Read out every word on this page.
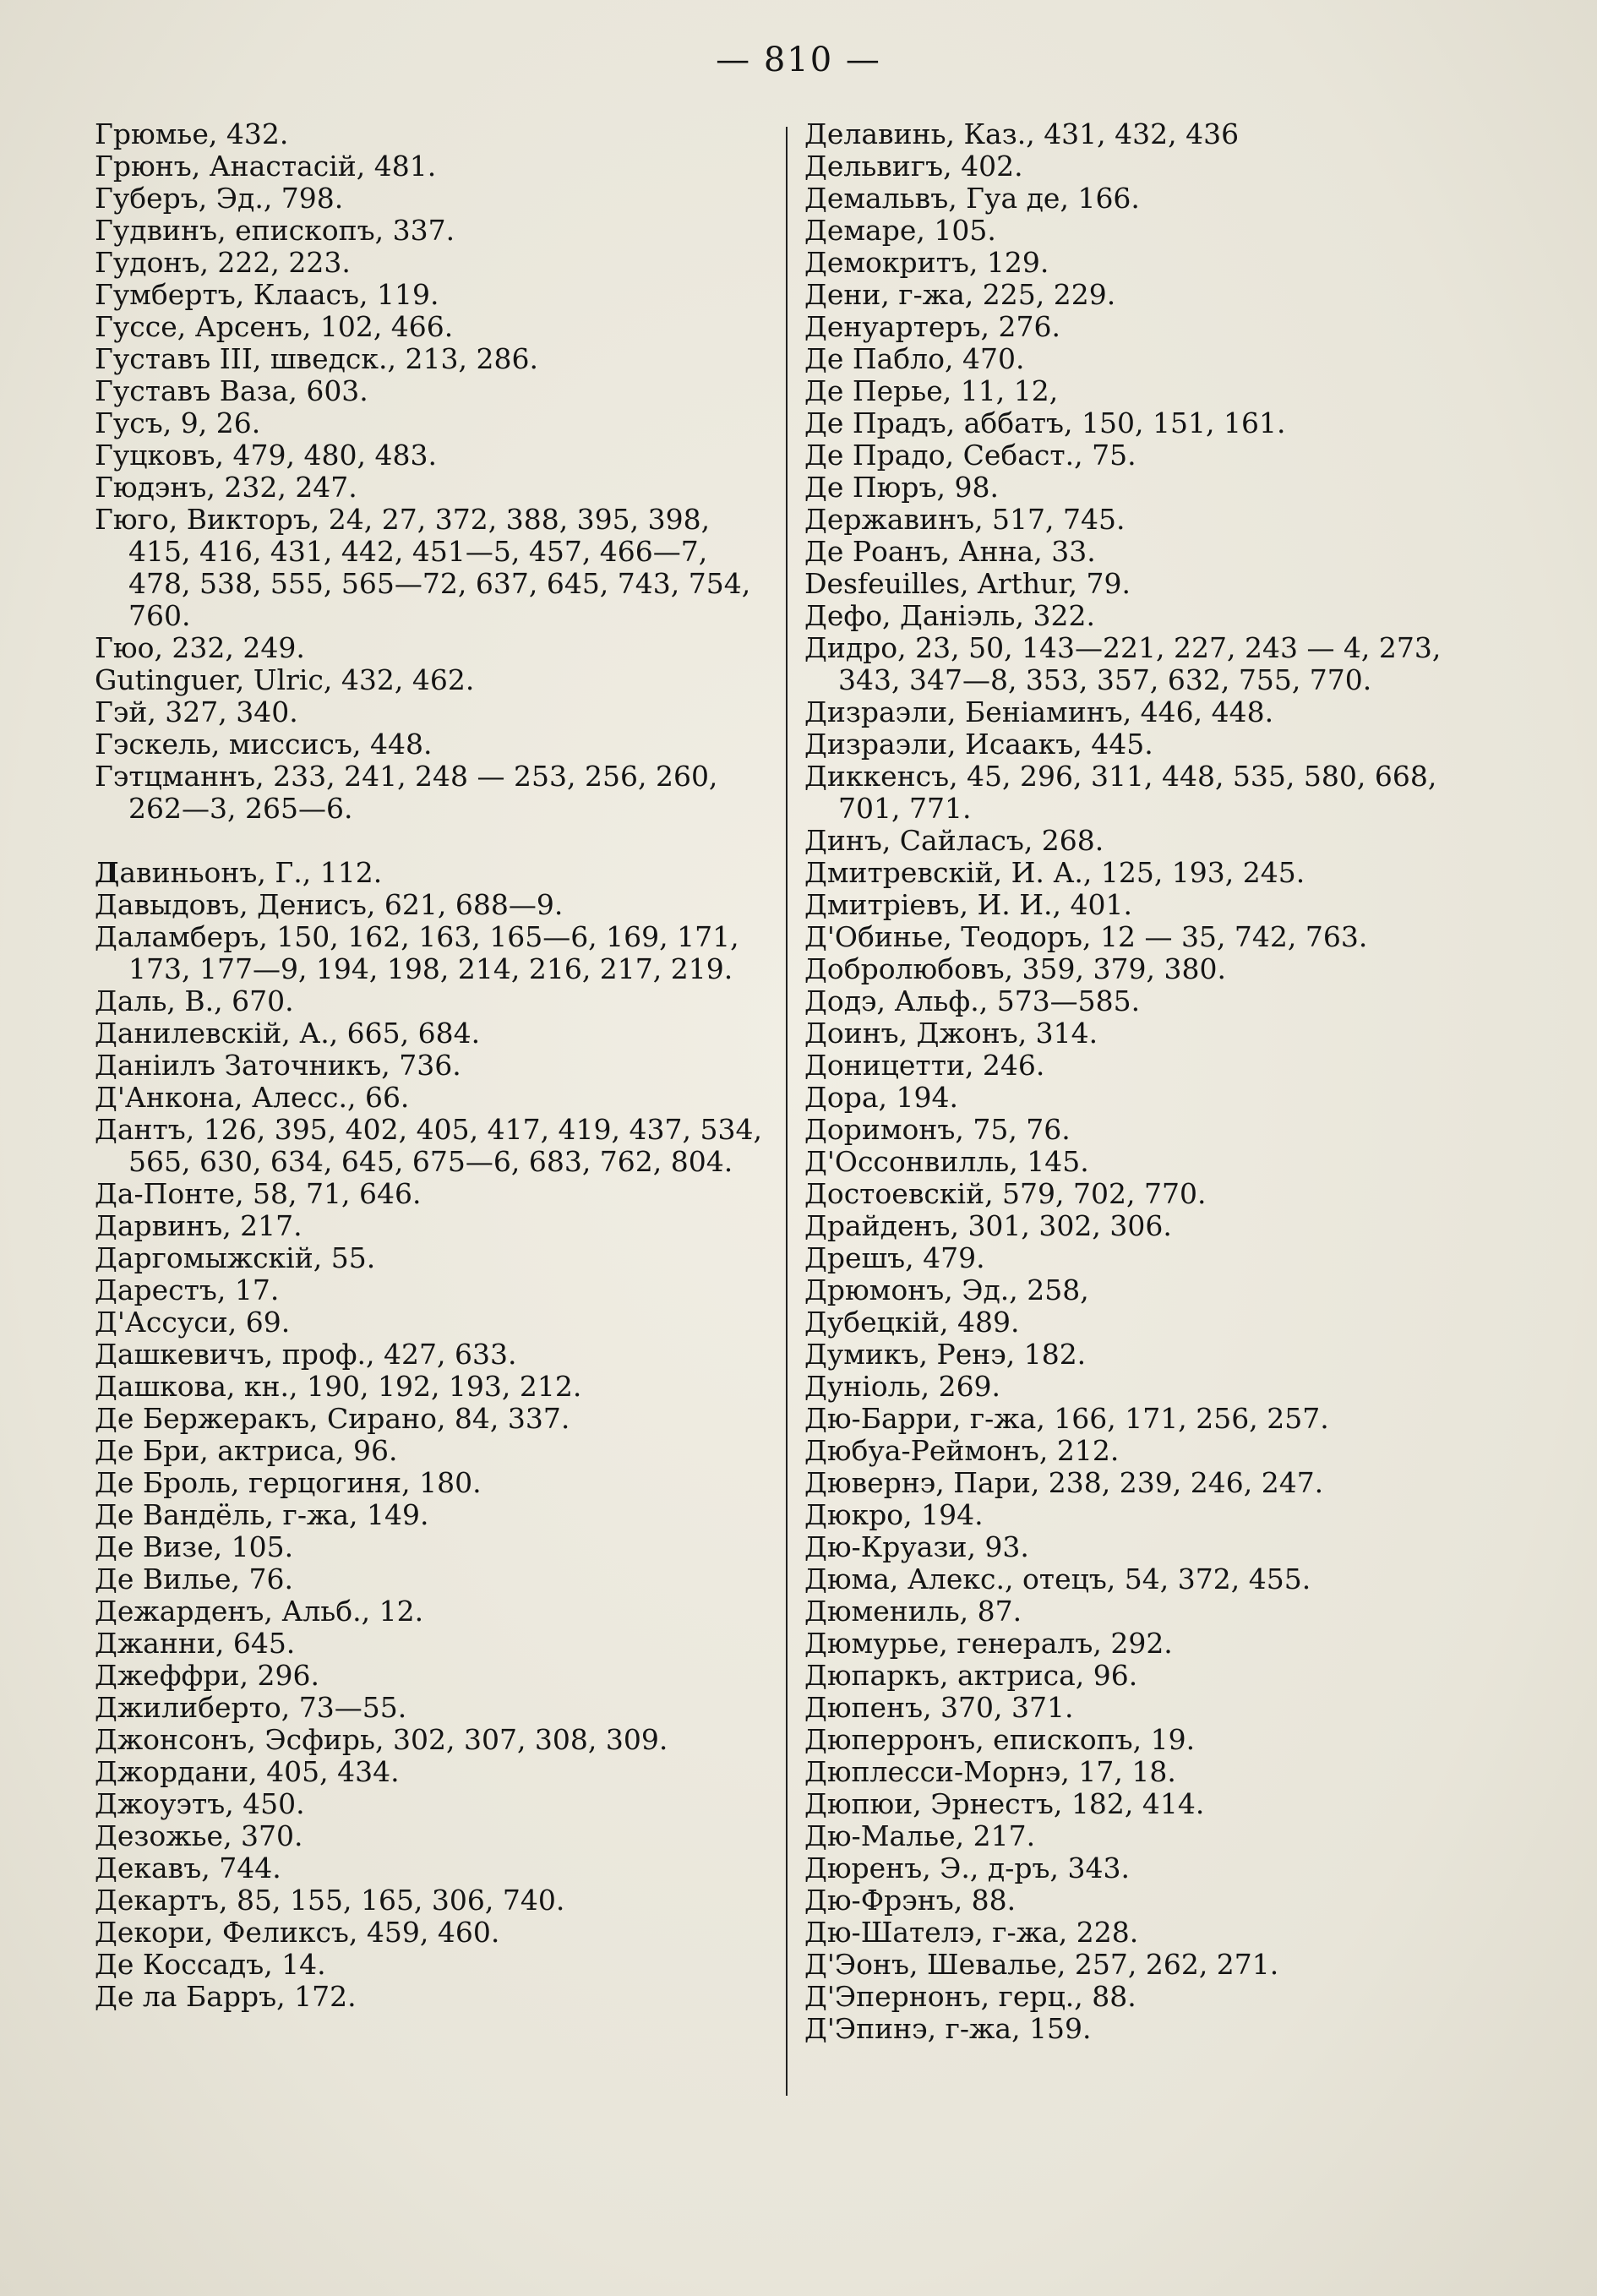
— 810 —
Грюмье, 432.
Грюнъ, Анастасій, 481.
Губеръ, Эд., 798.
Гудвинъ, епископъ, 337.
Гудонъ, 222, 223.
Гумбертъ, Клаасъ, 119.
Гуссе, Арсенъ, 102, 466.
Густавъ III, шведск., 213, 286.
Густавъ Ваза, 603.
Гусъ, 9, 26.
Гуцковъ, 479, 480, 483.
Гюдэнъ, 232, 247.
Гюго, Викторъ, 24, 27, 372, 388, 395, 398, 415, 416, 431, 442, 451—5, 457, 466—7, 478, 538, 555, 565—72, 637, 645, 743, 754, 760.
Гюо, 232, 249.
Gutinguer, Ulric, 432, 462.
Гэй, 327, 340.
Гэскель, миссисъ, 448.
Гэтцманнъ, 233, 241, 248 — 253, 256, 260, 262—3, 265—6.
Давиньонъ, Г., 112.
Давыдовъ, Денисъ, 621, 688—9.
Даламберъ, 150, 162, 163, 165—6, 169, 171, 173, 177—9, 194, 198, 214, 216, 217, 219.
Даль, В., 670.
Данилевскій, А., 665, 684.
Даніилъ Заточникъ, 736.
Д'Анкона, Алесс., 66.
Дантъ, 126, 395, 402, 405, 417, 419, 437, 534, 565, 630, 634, 645, 675—6, 683, 762, 804.
Да-Понте, 58, 71, 646.
Дарвинъ, 217.
Даргомыжскій, 55.
Дарестъ, 17.
Д'Ассуси, 69.
Дашкевичъ, проф., 427, 633.
Дашкова, кн., 190, 192, 193, 212.
Де Бержеракъ, Сирано, 84, 337.
Де Бри, актриса, 96.
Де Броль, герцогиня, 180.
Де Вандёль, г-жа, 149.
Де Визе, 105.
Де Вилье, 76.
Дежарденъ, Альб., 12.
Джанни, 645.
Джеффри, 296.
Джилиберто, 73—55.
Джонсонъ, Эсфирь, 302, 307, 308, 309.
Джордани, 405, 434.
Джоуэтъ, 450.
Дезожье, 370.
Декавъ, 744.
Декартъ, 85, 155, 165, 306, 740.
Декори, Феликсъ, 459, 460.
Де Коссадъ, 14.
Де ла Барръ, 172.
Делавинь, Каз., 431, 432, 436
Дельвигъ, 402.
Демальвъ, Гуа де, 166.
Демаре, 105.
Демокритъ, 129.
Дени, г-жа, 225, 229.
Денуартеръ, 276.
Де Пабло, 470.
Де Перье, 11, 12,
Де Прадъ, аббатъ, 150, 151, 161.
Де Прадо, Себаст., 75.
Де Пюръ, 98.
Державинъ, 517, 745.
Де Роанъ, Анна, 33.
Desfeuilles, Arthur, 79.
Дефо, Даніэль, 322.
Дидро, 23, 50, 143—221, 227, 243 — 4, 273, 343, 347—8, 353, 357, 632, 755, 770.
Дизраэли, Беніаминъ, 446, 448.
Дизраэли, Исаакъ, 445.
Диккенсъ, 45, 296, 311, 448, 535, 580, 668, 701, 771.
Динъ, Сайласъ, 268.
Дмитревскій, И. А., 125, 193, 245.
Дмитріевъ, И. И., 401.
Д'Обинье, Теодоръ, 12 — 35, 742, 763.
Добролюбовъ, 359, 379, 380.
Додэ, Альф., 573—585.
Доинъ, Джонъ, 314.
Доницетти, 246.
Дора, 194.
Доримонъ, 75, 76.
Д'Оссонвилль, 145.
Достоевскій, 579, 702, 770.
Драйденъ, 301, 302, 306.
Дрешъ, 479.
Дрюмонъ, Эд., 258,
Дубецкій, 489.
Думикъ, Ренэ, 182.
Дуніоль, 269.
Дю-Барри, г-жа, 166, 171, 256, 257.
Дюбуа-Реймонъ, 212.
Дювернэ, Пари, 238, 239, 246, 247.
Дюкро, 194.
Дю-Круази, 93.
Дюма, Алекс., отецъ, 54, 372, 455.
Дюмениль, 87.
Дюмурье, генералъ, 292.
Дюпаркъ, актриса, 96.
Дюпенъ, 370, 371.
Дюперронъ, епископъ, 19.
Дюплесси-Морнэ, 17, 18.
Дюпюи, Эрнестъ, 182, 414.
Дю-Малье, 217.
Дюренъ, Э., д-ръ, 343.
Дю-Фрэнъ, 88.
Дю-Шателэ, г-жа, 228.
Д'Эонъ, Шевалье, 257, 262, 271.
Д'Эпернонъ, герц., 88.
Д'Эпинэ, г-жа, 159.
